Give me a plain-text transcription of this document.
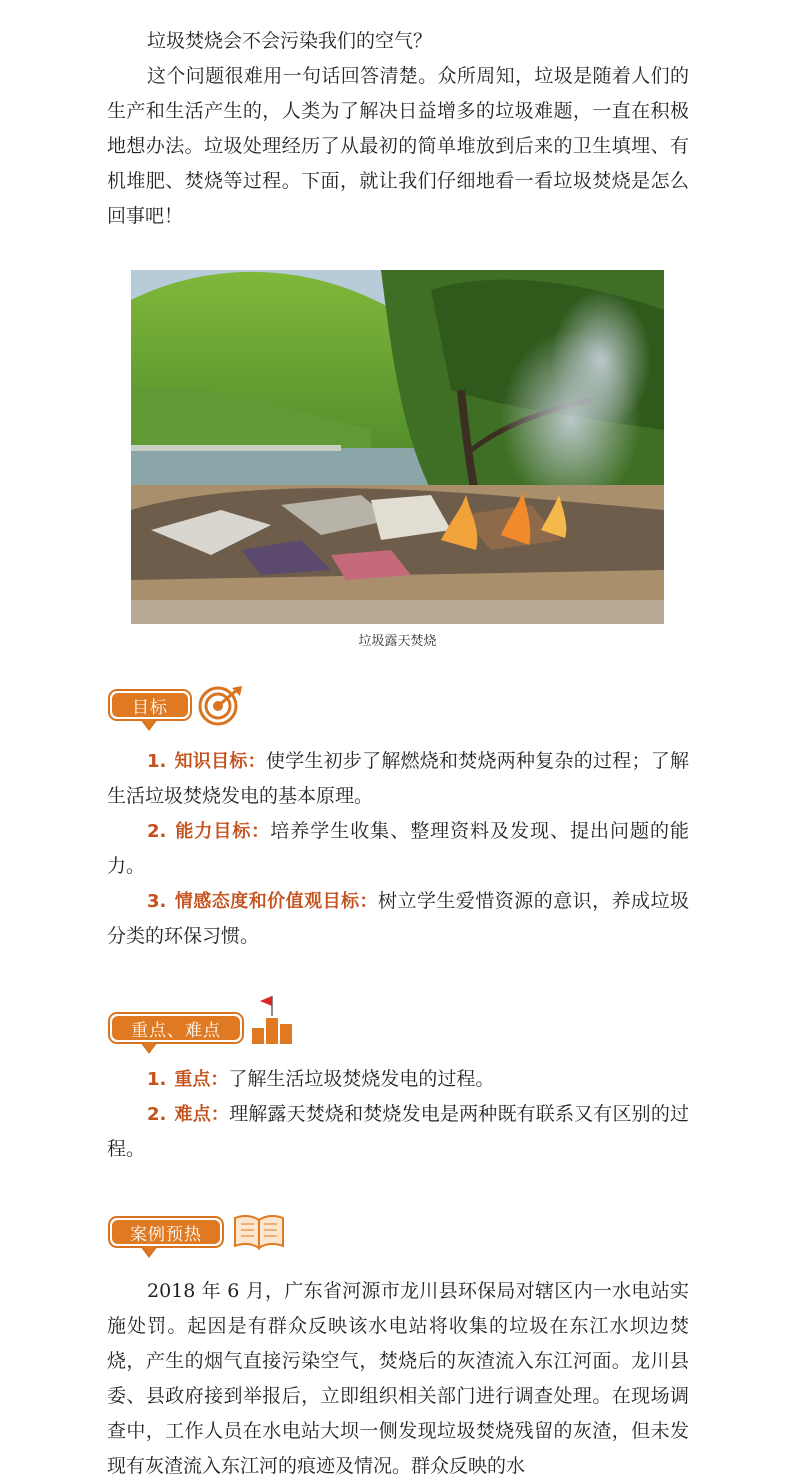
垃圾焚烧会不会污染我们的空气？

这个问题很难用一句话回答清楚。众所周知，垃圾是随着人们的生产和生活产生的，人类为了解决日益增多的垃圾难题，一直在积极地想办法。垃圾处理经历了从最初的简单堆放到后来的卫生填埋、有机堆肥、焚烧等过程。下面，就让我们仔细地看一看垃圾焚烧是怎么回事吧！

垃圾露天焚烧
目标

1. 知识目标：使学生初步了解燃烧和焚烧两种复杂的过程；了解生活垃圾焚烧发电的基本原理。

2. 能力目标：培养学生收集、整理资料及发现、提出问题的能力。

3. 情感态度和价值观目标：树立学生爱惜资源的意识，养成垃圾分类的环保习惯。

重点、难点

1. 重点：了解生活垃圾焚烧发电的过程。

2. 难点：理解露天焚烧和焚烧发电是两种既有联系又有区别的过程。

案例预热

2018 年 6 月，广东省河源市龙川县环保局对辖区内一水电站实施处罚。起因是有群众反映该水电站将收集的垃圾在东江水坝边焚烧，产生的烟气直接污染空气，焚烧后的灰渣流入东江河面。龙川县委、县政府接到举报后，立即组织相关部门进行调查处理。在现场调查中，工作人员在水电站大坝一侧发现垃圾焚烧残留的灰渣，但未发现有灰渣流入东江河的痕迹及情况。群众反映的水
